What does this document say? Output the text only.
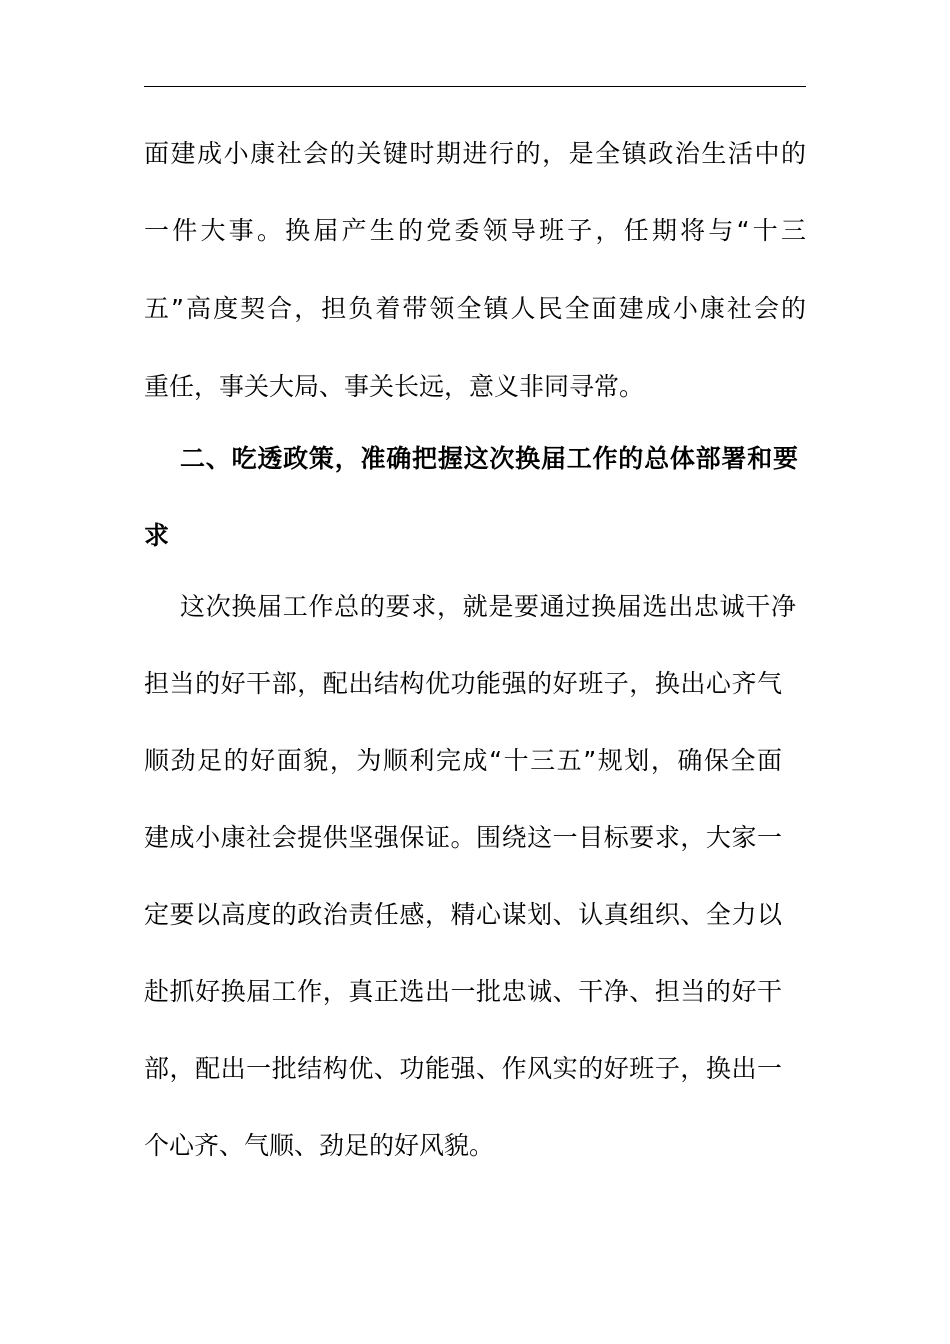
面建成小康社会的关键时期进行的，是全镇政治生活中的
一件大事。换届产生的党委领导班子，任期将与“十三
五”高度契合，担负着带领全镇人民全面建成小康社会的
重任，事关大局、事关长远，意义非同寻常。
二、吃透政策，准确把握这次换届工作的总体部署和要
求
这次换届工作总的要求，就是要通过换届选出忠诚干净
担当的好干部，配出结构优功能强的好班子，换出心齐气
顺劲足的好面貌，为顺利完成“十三五”规划，确保全面
建成小康社会提供坚强保证。围绕这一目标要求，大家一
定要以高度的政治责任感，精心谋划、认真组织、全力以
赴抓好换届工作，真正选出一批忠诚、干净、担当的好干
部，配出一批结构优、功能强、作风实的好班子，换出一
个心齐、气顺、劲足的好风貌。
